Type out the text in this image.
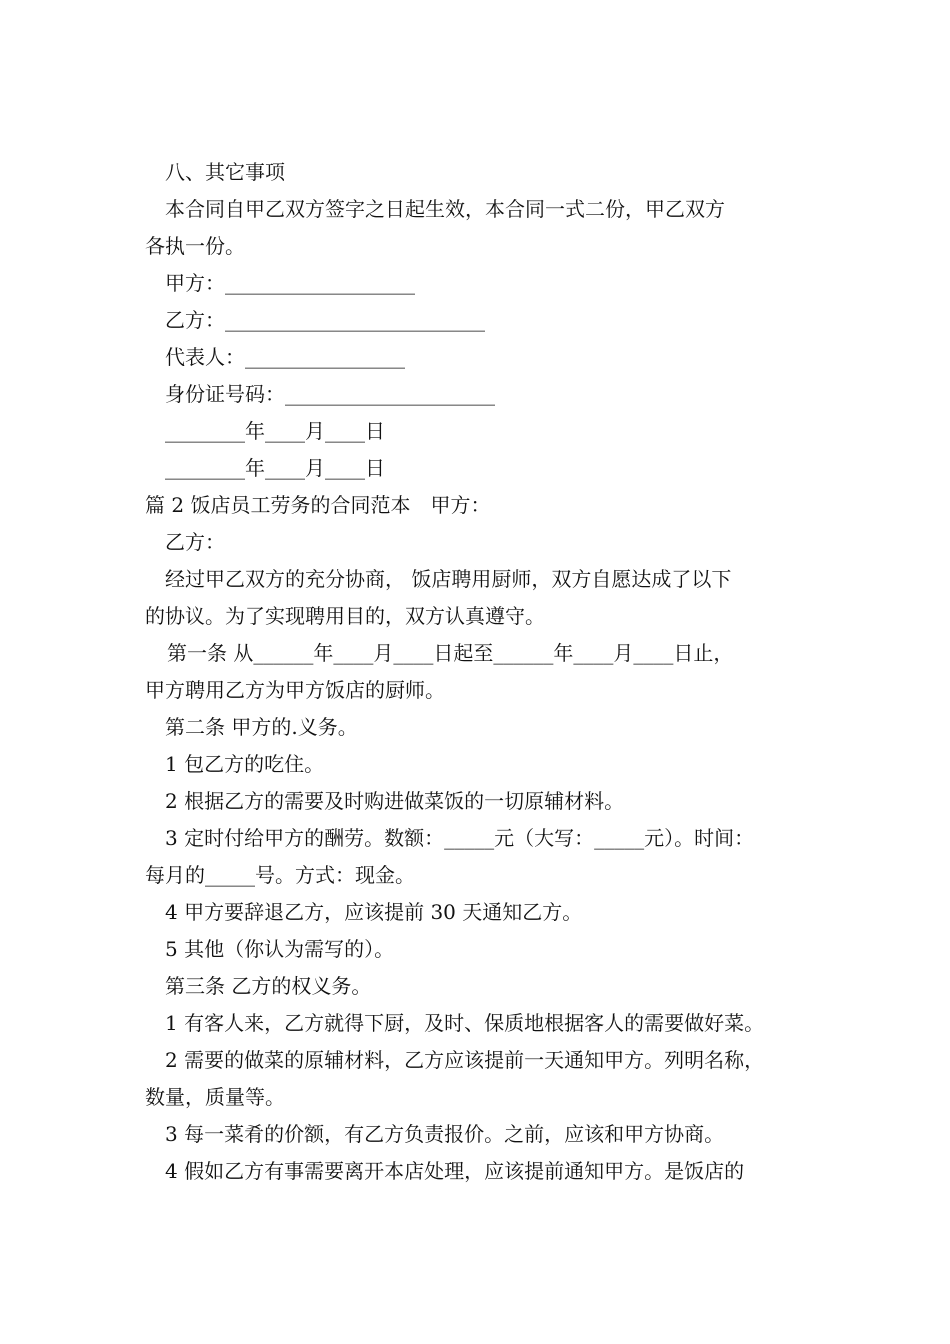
八、其它事项
本合同自甲乙双方签字之日起生效，本合同一式二份，甲乙双方
各执一份。
甲方：___________________
乙方：__________________________
代表人：________________
身份证号码：_____________________
________年____月____日
________年____月____日
篇 2 饭店员工劳务的合同范本　甲方：
乙方：
经过甲乙双方的充分协商， 饭店聘用厨师，双方自愿达成了以下
的协议。为了实现聘用目的，双方认真遵守。
第一条 从______年____月____日起至______年____月____日止，
甲方聘用乙方为甲方饭店的厨师。
第二条 甲方的.义务。
1 包乙方的吃住。
2 根据乙方的需要及时购进做菜饭的一切原辅材料。
3 定时付给甲方的酬劳。数额：_____元（大写：_____元）。时间：
每月的_____号。方式：现金。
4 甲方要辞退乙方，应该提前 30 天通知乙方。
5 其他（你认为需写的）。
第三条 乙方的权义务。
1 有客人来，乙方就得下厨，及时、保质地根据客人的需要做好菜。
2 需要的做菜的原辅材料，乙方应该提前一天通知甲方。列明名称，
数量，质量等。
3 每一菜肴的价额，有乙方负责报价。之前，应该和甲方协商。
4 假如乙方有事需要离开本店处理，应该提前通知甲方。是饭店的
